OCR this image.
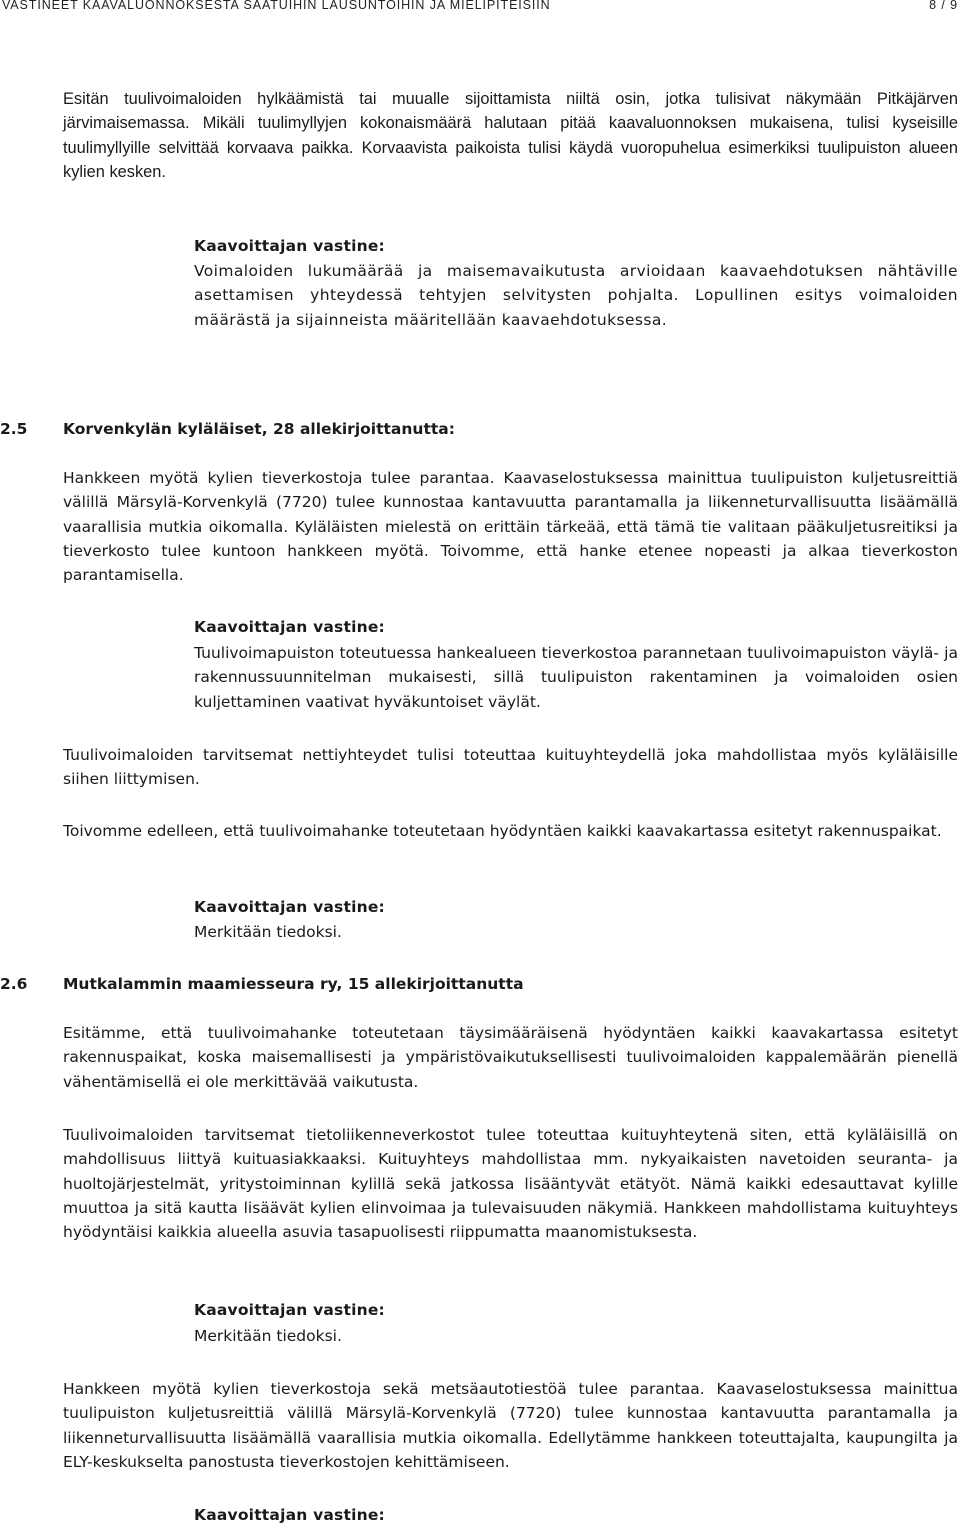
VASTINEET KAAVALUONNOKSESTA SAATUIHIN LAUSUNTOIHIN JA MIELIPITEISIIN	8 / 9

Esitän tuulivoimaloiden hylkäämistä tai muualle sijoittamista niiltä osin, jotka tulisivat näkymään Pitkäjärven järvimaisemassa. Mikäli tuulimyllyjen kokonaismäärä halutaan pitää kaavaluonnoksen mukaisena, tulisi kyseisille tuulimyllyille selvittää korvaava paikka. Korvaavista paikoista tulisi käydä vuoropuhelua esimerkiksi tuulipuiston alueen kylien kesken.

Kaavoittajan vastine:

Voimaloiden lukumäärää ja maisemavaikutusta arvioidaan kaavaehdotuksen nähtäville asettamisen yhteydessä tehtyjen selvitysten pohjalta. Lopullinen esitys voimaloiden määrästä ja sijainneista määritellään kaavaehdotuksessa.

2.5 Korvenkylän kyläläiset, 28 allekirjoittanutta:

Hankkeen myötä kylien tieverkostoja tulee parantaa. Kaavaselostuksessa mainittua tuulipuiston kuljetusreittiä välillä Märsylä-Korvenkylä (7720) tulee kunnostaa kantavuutta parantamalla ja liikenneturvallisuutta lisäämällä vaarallisia mutkia oikomalla. Kyläläisten mielestä on erittäin tärkeää, että tämä tie valitaan pääkuljetusreitiksi ja tieverkosto tulee kuntoon hankkeen myötä. Toivomme, että hanke etenee nopeasti ja alkaa tieverkoston parantamisella.

Kaavoittajan vastine:

Tuulivoimapuiston toteutuessa hankealueen tieverkostoa parannetaan tuulivoimapuiston väylä- ja rakennussuunnitelman mukaisesti, sillä tuulipuiston rakentaminen ja voimaloiden osien kuljettaminen vaativat hyväkuntoiset väylät.

Tuulivoimaloiden tarvitsemat nettiyhteydet tulisi toteuttaa kuituyhteydellä joka mahdollistaa myös kyläläisille siihen liittymisen.

Toivomme edelleen, että tuulivoimahanke toteutetaan hyödyntäen kaikki kaavakartassa esitetyt rakennuspaikat.

Kaavoittajan vastine:

Merkitään tiedoksi.

2.6 Mutkalammin maamiesseura ry, 15 allekirjoittanutta

Esitämme, että tuulivoimahanke toteutetaan täysimääräisenä hyödyntäen kaikki kaavakartassa esitetyt rakennuspaikat, koska maisemallisesti ja ympäristövaikutuksellisesti tuulivoimaloiden kappalemäärän pienellä vähentämisellä ei ole merkittävää vaikutusta.

Tuulivoimaloiden tarvitsemat tietoliikenneverkostot tulee toteuttaa kuituyhteytenä siten, että kyläläisillä on mahdollisuus liittyä kuituasiakkaaksi. Kuituyhteys mahdollistaa mm. nykyaikaisten navetoiden seuranta- ja huoltojärjestelmät, yritystoiminnan kylillä sekä jatkossa lisääntyvät etätyöt. Nämä kaikki edesauttavat kylille muuttoa ja sitä kautta lisäävät kylien elinvoimaa ja tulevaisuuden näkymiä. Hankkeen mahdollistama kuituyhteys hyödyntäisi kaikkia alueella asuvia tasapuolisesti riippumatta maanomistuksesta.

Kaavoittajan vastine:

Merkitään tiedoksi.

Hankkeen myötä kylien tieverkostoja sekä metsäautotiestöä tulee parantaa. Kaavaselostuksessa mainittua tuulipuiston kuljetusreittiä välillä Märsylä-Korvenkylä (7720) tulee kunnostaa kantavuutta parantamalla ja liikenneturvallisuutta lisäämällä vaarallisia mutkia oikomalla. Edellytämme hankkeen toteuttajalta, kaupungilta ja ELY-keskukselta panostusta tieverkostojen kehittämiseen.

Kaavoittajan vastine:
